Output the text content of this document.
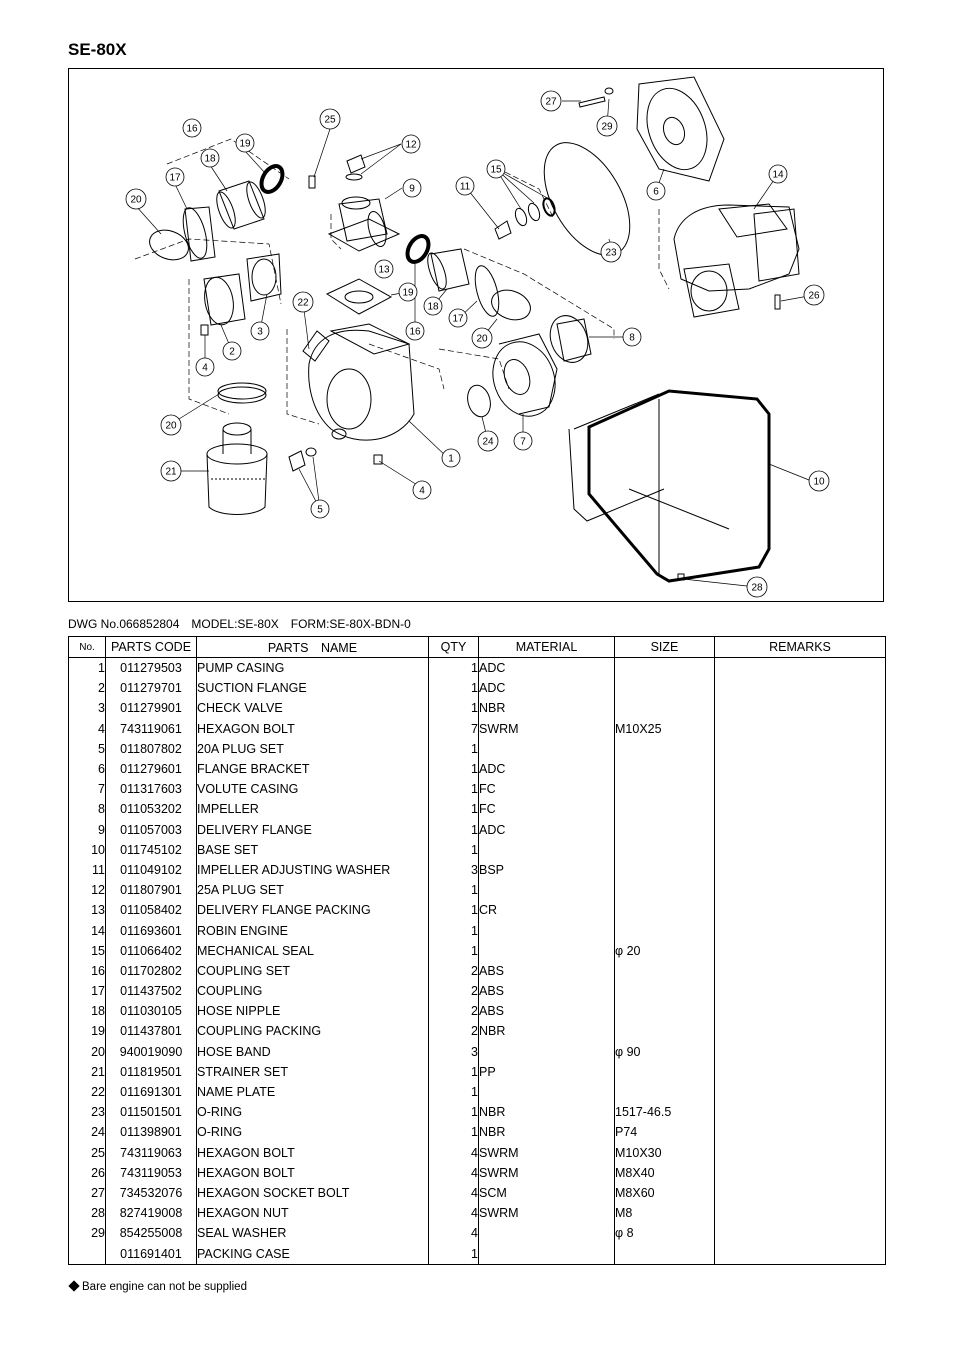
SE-80X
1
2
3
4
4
5
6
7
8
9
10
11
12
13
14
15
16
16
17
17
18
18
19
19
20
20
20
21
22
23
24
25
26
27
28
29
DWG No.066852804　MODEL:SE-80X　FORM:SE-80X-BDN-0
No.	PARTS CODE	PARTS　NAME	QTY	MATERIAL	SIZE	REMARKS
1	011279503	PUMP CASING	1	ADC		
2	011279701	SUCTION FLANGE	1	ADC		
3	011279901	CHECK VALVE	1	NBR		
4	743119061	HEXAGON BOLT	7	SWRM	M10X25	
5	011807802	20A PLUG SET	1			
6	011279601	FLANGE BRACKET	1	ADC		
7	011317603	VOLUTE CASING	1	FC		
8	011053202	IMPELLER	1	FC		
9	011057003	DELIVERY FLANGE	1	ADC		
10	011745102	BASE SET	1			
11	011049102	IMPELLER ADJUSTING WASHER	3	BSP		
12	011807901	25A PLUG SET	1			
13	011058402	DELIVERY FLANGE PACKING	1	CR		
14	011693601	ROBIN ENGINE	1			
15	011066402	MECHANICAL SEAL	1		φ 20	
16	011702802	COUPLING SET	2	ABS		
17	011437502	COUPLING	2	ABS		
18	011030105	HOSE NIPPLE	2	ABS		
19	011437801	COUPLING PACKING	2	NBR		
20	940019090	HOSE BAND	3		φ 90	
21	011819501	STRAINER SET	1	PP		
22	011691301	NAME PLATE	1			
23	011501501	O-RING	1	NBR	1517-46.5	
24	011398901	O-RING	1	NBR	P74	
25	743119063	HEXAGON BOLT	4	SWRM	M10X30	
26	743119053	HEXAGON BOLT	4	SWRM	M8X40	
27	734532076	HEXAGON SOCKET BOLT	4	SCM	M8X60	
28	827419008	HEXAGON NUT	4	SWRM	M8	
29	854255008	SEAL WASHER	4		φ 8	
	011691401	PACKING CASE	1			
Bare engine can not be supplied
